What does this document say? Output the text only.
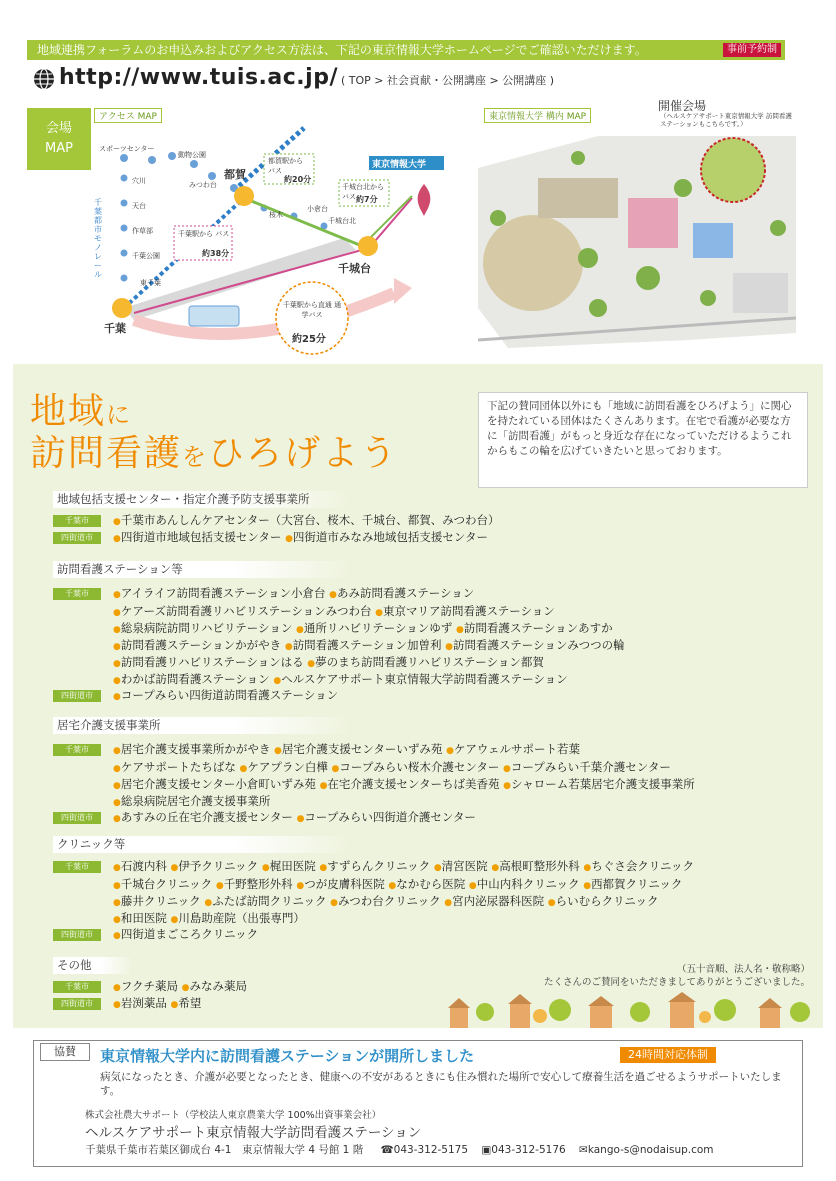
地域連携フォーラムのお申込みおよびアクセス方法は、下記の東京情報大学ホームページでご確認いただけます。	事前予約制
http://www.tuis.ac.jp/ ( TOP > 社会貢献・公開講座 > 公開講座 )
会場
MAP
アクセス MAP
スポーツセンター
動物公園
穴川
天台
作草部
千葉公園
東千葉
みつわ台
小倉台
桜木
千城台北
千葉
都賀
千城台
東京情報大学
千葉都市モノレール
千葉駅から バス
約38分
都賀駅から バス
約20分
千城台北から バス 約7分
千葉駅から直通 通学バス
約25分
東京情報大学 構内 MAP
開催会場
（ヘルスケアサポート東京情報大学 訪問看護ステーションもこちらです。）
地域に
訪問看護をひろげよう
下記の賛同団体以外にも「地域に訪問看護をひろげよう」に関心を持たれている団体はたくさんあります。在宅で看護が必要な方に「訪問看護」がもっと身近な存在になっていただけるようこれからもこの輪を広げていきたいと思っております。
地域包括支援センター・指定介護予防支援事業所
千葉市	●千葉市あんしんケアセンター（大宮台、桜木、千城台、都賀、みつわ台）
四街道市 ●四街道市地域包括支援センター ●四街道市みなみ地域包括支援センター
訪問看護ステーション等
千葉市	●アイライフ訪問看護ステーション小倉台 ●あみ訪問看護ステーション
●ケアーズ訪問看護リハビリステーションみつわ台 ●東京マリア訪問看護ステーション
●総泉病院訪問リハビリテーション ●通所リハビリテーションゆず ●訪問看護ステーションあすか
●訪問看護ステーションかがやき ●訪問看護ステーション加曽利 ●訪問看護ステーションみつつの輪
●訪問看護リハビリステーションはる ●夢のまち訪問看護リハビリステーション都賀
●わかば訪問看護ステーション ●ヘルスケアサポート東京情報大学訪問看護ステーション
四街道市 ●コープみらい四街道訪問看護ステーション
居宅介護支援事業所
千葉市	●居宅介護支援事業所かがやき ●居宅介護支援センターいずみ苑 ●ケアウェルサポート若葉
●ケアサポートたちばな ●ケアプラン白樺 ●コープみらい桜木介護センター ●コープみらい千葉介護センター
●居宅介護支援センター小倉町いずみ苑 ●在宅介護支援センターちば美香苑 ●シャローム若葉居宅介護支援事業所
●総泉病院居宅介護支援事業所
四街道市 ●あすみの丘在宅介護支援センター ●コープみらい四街道介護センター
クリニック等
千葉市	●石渡内科 ●伊予クリニック ●梶田医院 ●すずらんクリニック ●清宮医院 ●高根町整形外科 ●ちぐさ会クリニック
●千城台クリニック ●千野整形外科 ●つが皮膚科医院 ●なかむら医院 ●中山内科クリニック ●西都賀クリニック
●藤井クリニック ●ふたば訪問クリニック ●みつわ台クリニック ●宮内泌尿器科医院 ●らいむらクリニック
●和田医院 ●川島助産院（出張専門）
四街道市 ●四街道まごころクリニック
その他
千葉市	●フクチ薬局 ●みなみ薬局
四街道市 ●岩渕薬品 ●希望
（五十音順、法人名・敬称略）
たくさんのご賛同をいただきましてありがとうございました。
協賛	東京情報大学内に訪問看護ステーションが開所しました	24時間対応体制
病気になったとき、介護が必要となったとき、健康への不安があるときにも住み慣れた場所で安心して療養生活を過ごせるようサポートいたします。
株式会社農大サポート（学校法人東京農業大学 100%出資事業会社）
ヘルスケアサポート東京情報大学訪問看護ステーション
千葉県千葉市若葉区御成台 4-1　東京情報大学 4 号館 1 階 ☎043-312-5175 ▣043-312-5176 ✉kango-s@nodaisup.com
